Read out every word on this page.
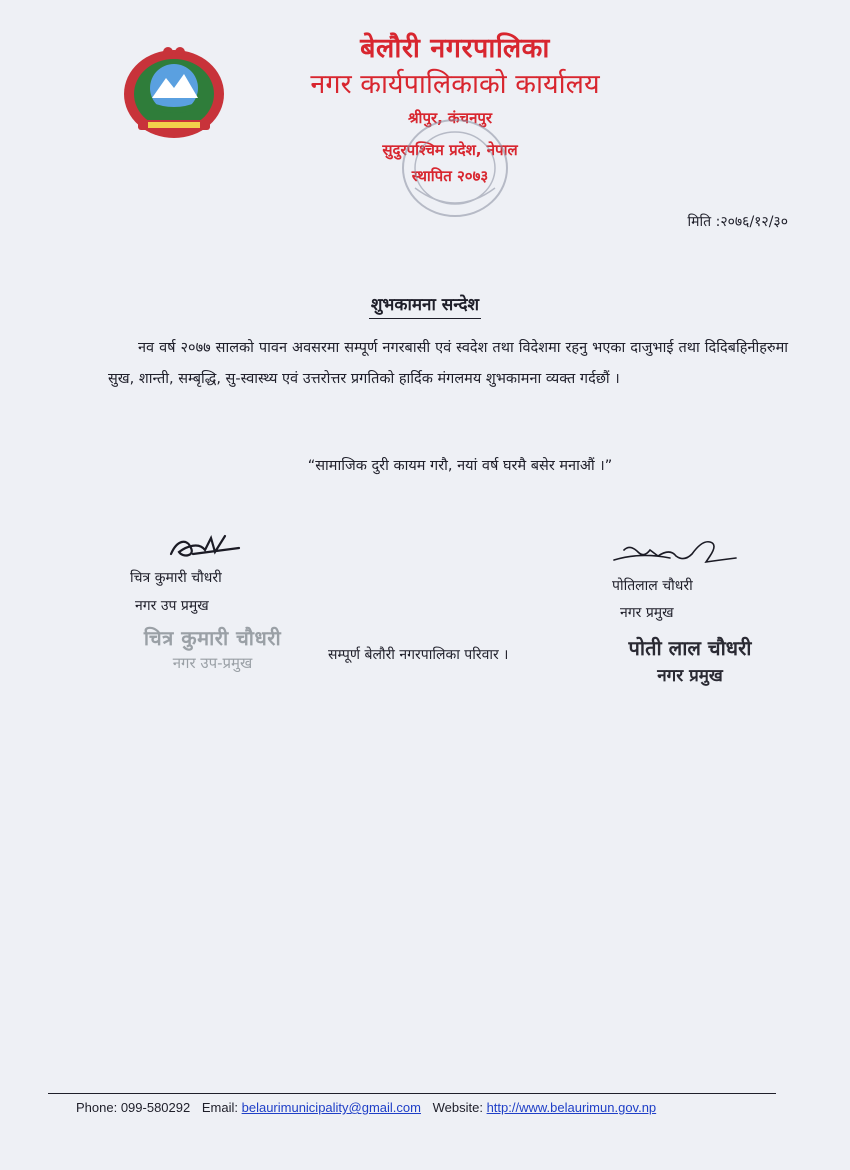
बेलौरी नगरपालिका
नगर कार्यपालिकाको कार्यालय
श्रीपुर, कंचनपुर
सुदुरपश्चिम प्रदेश, नेपाल
स्थापित २०७३
मिति :२०७६/१२/३०
शुभकामना सन्देश
नव वर्ष २०७७ सालको पावन अवसरमा सम्पूर्ण नगरबासी एवं स्वदेश तथा विदेशमा रहनु भएका दाजुभाई तथा दिदिबहिनीहरुमा सुख, शान्ती, सम्बृद्धि, सु-स्वास्थ्य एवं उत्तरोत्तर प्रगतिको हार्दिक मंगलमय शुभकामना व्यक्त गर्दछौं ।
“सामाजिक दुरी कायम गरौ, नयां वर्ष घरमै बसेर मनाऔं ।”
चित्र कुमारी चौधरी
नगर उप प्रमुख
चित्र कुमारी चौधरी
नगर उप-प्रमुख	सम्पूर्ण बेलौरी नगरपालिका परिवार ।
पोतिलाल चौधरी
नगर प्रमुख
पोती लाल चौधरी
नगर प्रमुख
Phone: 099-580292 Email: belaurimunicipality@gmail.com Website: http://www.belaurimun.gov.np
